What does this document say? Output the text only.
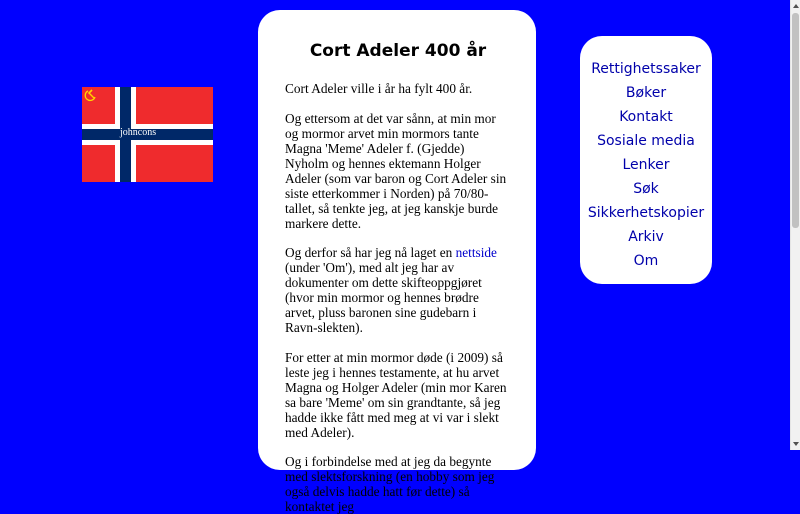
johncons
Cort Adeler 400 år

Cort Adeler ville i år ha fylt 400 år.

Og ettersom at det var sånn, at min mor og mormor arvet min mormors tante Magna 'Meme' Adeler f. (Gjedde) Nyholm og hennes ektemann Holger Adeler (som var baron og Cort Adeler sin siste etterkommer i Norden) på 70/80-tallet, så tenkte jeg, at jeg kanskje burde markere dette.

Og derfor så har jeg nå laget en nettside (under 'Om'), med alt jeg har av dokumenter om dette skifteoppgjøret (hvor min mormor og hennes brødre arvet, pluss baronen sine gudebarn i Ravn-slekten).

For etter at min mormor døde (i 2009) så leste jeg i hennes testamente, at hu arvet Magna og Holger Adeler (min mor Karen sa bare 'Meme' om sin grandtante, så jeg hadde ikke fått med meg at vi var i slekt med Adeler).

Og i forbindelse med at jeg da begynte med slektsforskning (en hobby som jeg også delvis hadde hatt før dette) så kontaktet jeg

Rettighetssaker
Bøker
Kontakt
Sosiale media
Lenker
Søk
Sikkerhetskopier
Arkiv
Om
